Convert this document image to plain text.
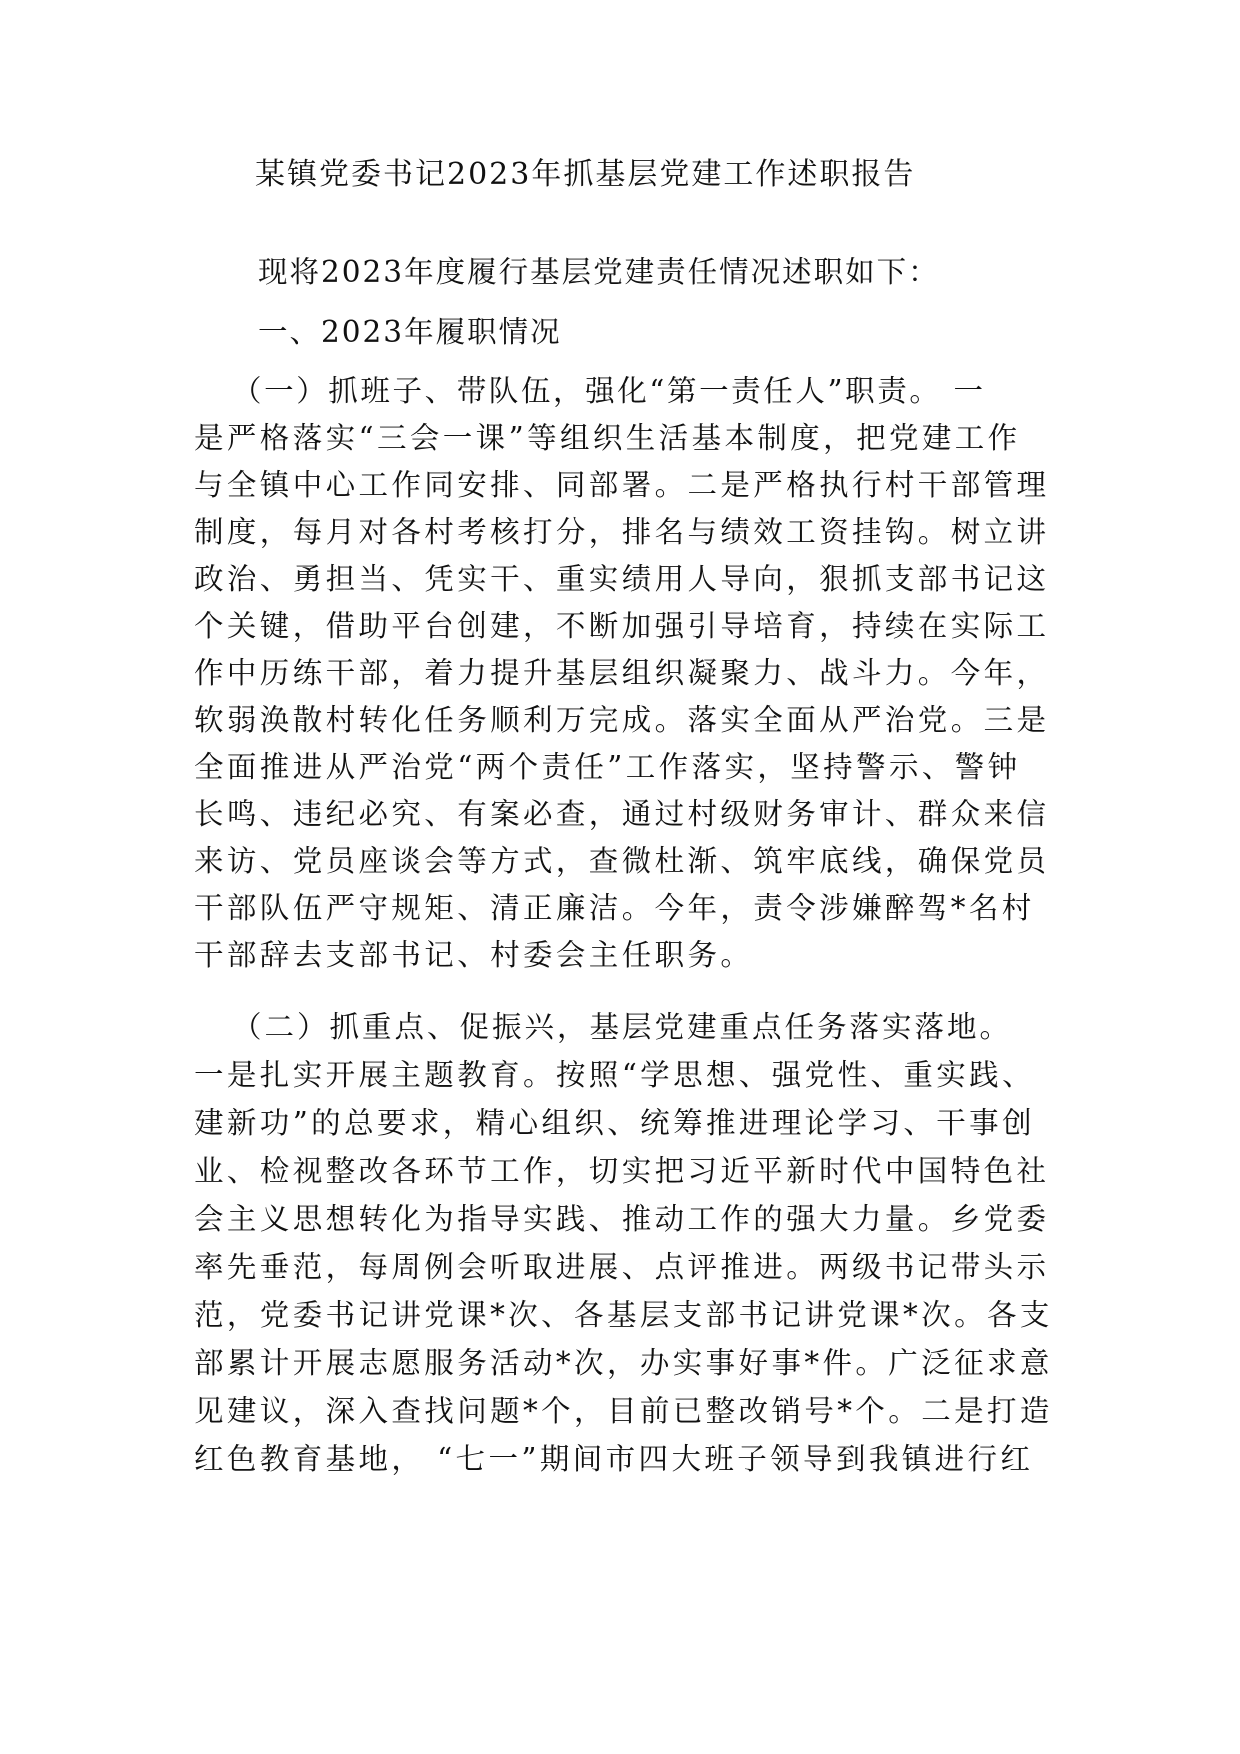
某镇党委书记2023年抓基层党建工作述职报告
现将2023年度履行基层党建责任情况述职如下：
一、2023年履职情况
（一）抓班子、带队伍，强化“第一责任人”职责。 一
是严格落实“三会一课”等组织生活基本制度，把党建工作
与全镇中心工作同安排、同部署。二是严格执行村干部管理
制度，每月对各村考核打分，排名与绩效工资挂钩。树立讲
政治、勇担当、凭实干、重实绩用人导向，狠抓支部书记这
个关键，借助平台创建，不断加强引导培育，持续在实际工
作中历练干部，着力提升基层组织凝聚力、战斗力。今年，
软弱涣散村转化任务顺利万完成。落实全面从严治党。三是
全面推进从严治党“两个责任”工作落实，坚持警示、警钟
长鸣、违纪必究、有案必查，通过村级财务审计、群众来信
来访、党员座谈会等方式，查微杜渐、筑牢底线，确保党员
干部队伍严守规矩、清正廉洁。今年，责令涉嫌醉驾*名村
干部辞去支部书记、村委会主任职务。
（二）抓重点、促振兴，基层党建重点任务落实落地。
一是扎实开展主题教育。按照“学思想、强党性、重实践、
建新功”的总要求，精心组织、统筹推进理论学习、干事创
业、检视整改各环节工作，切实把习近平新时代中国特色社
会主义思想转化为指导实践、推动工作的强大力量。乡党委
率先垂范，每周例会听取进展、点评推进。两级书记带头示
范，党委书记讲党课*次、各基层支部书记讲党课*次。各支
部累计开展志愿服务活动*次，办实事好事*件。广泛征求意
见建议，深入查找问题*个，目前已整改销号*个。二是打造
红色教育基地， “七一”期间市四大班子领导到我镇进行红
